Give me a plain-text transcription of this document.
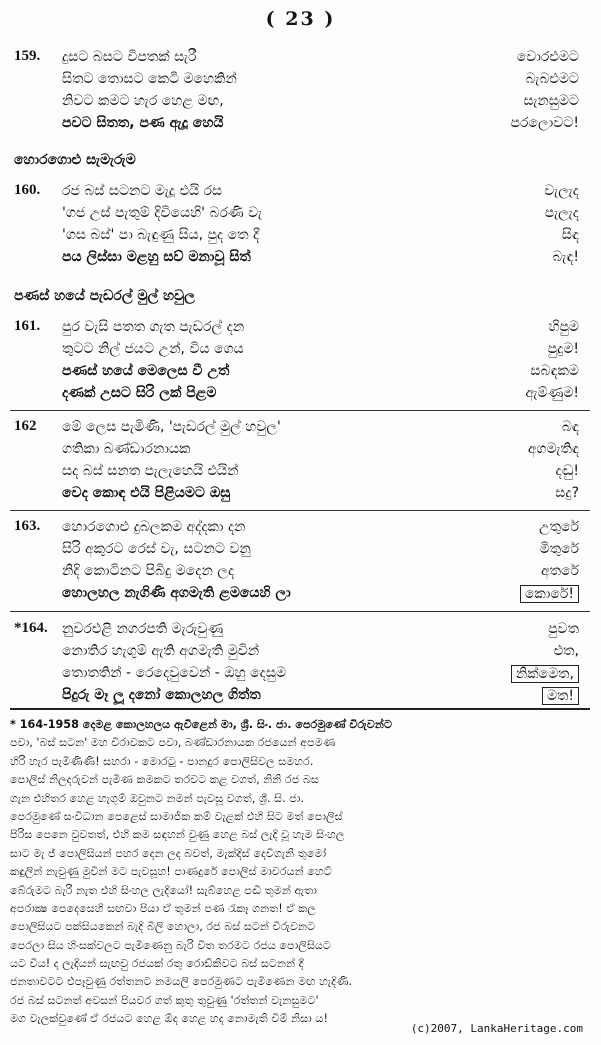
( 23 )
159. දුසට බසට විපතක් සැරී	වොරළුමට
සිතට තොසට කෙටී මහෙකින්	බැබළුමට
නිවට කමට හැර හෙළ මඟ,	සැනසුමට
පවට සිතත, පණ ඇදූ හෙයි	පරලොවට!
හොරගොළු සැමැරුම
160. රජ බස් සටනට මැදූ එයි රස	වැලැද
'ගජ උස් පැතුම් දිවියෙහි' බරණි වැ	පැලැද
'ගස බස්' පා බැඳුණු සිය, පුද තෙ දී	සිඳ
පය ලිස්සා මළහු සව් මනාවූ සිත්	බැඳ!
පණස් හයේ පැඩරල් මුල් හවුල
161. පුර වැසි පතත ගැත පැඩරල් දන	හිපුම
තුටට නිල් ජයට උන්, විය ගෙය	පුදුම!
පණස් හයේ මෙලෙස වී උත්	සබඳකම
දණක් උසට සිරි ලක් පිළම	ඇම්ණුම!
162 මේ ලෙස පැමිණි, 'පැඩරල් මුල් හවුල'	බඳ
ගතිකා බණ්ඩාරනායක	අගමැතිඳ
සද බස් සනත පැලැහෙයි එයින්	දඬු!
වෙද කොඳ එයි පිළියමට ඔසු	සදු?
163. හොරගොළු දුබලකම අද්දකා දන	උතුරේ
සිරි අකුරට රෙස් වැ, සටනට වනු	මිතුරේ
නිදි කොටිනට පිබිදු මදෙන ලද	අතරේ
හොලහල නැගිණි අගමැති ළමයෙහි ලා	කොරේ!
*164. නුවරඑළි නගරපති මැරුවුණු	පුවත
නොතිර හැගුම් ඇති අගමැති මුවින්	එත,
තොතතින් - රෙදෙවුවෙන් - ඔහු දෙසුම	නික්මෙත,
පිදුරු මෑ ලූ දනෝ කොලහල ගිත්ත	මත!
* 164-1958 දෙමළ කොලහලය ඇවිළෙන් මා, ශ්‍රී. සිං. ජා. පෙරමුණේ විරුවන්ට
පවා, 'බස් සටන' මහ විරාවකට පවා, බණ්ඩාරනායක රජයෙන් අපමණ
හිරි හැර පැමිණිණි! සහරා - මොරටු - පානදුර පොලිසිවල සමහර.
පොලිස් නිලදරුවන් පැමිණ කමකට තරවට කළ වගත්, නිනි රජ බස
ගැන එහිතර හෙළ හැගුම් ඔවුනට නමන් පැවසූ වගත්, ශ්‍රී. සි. ජා.
පෙරමුණේ සංවිධාන පෙළෙස් සාමාජික කම් වැළක් එහි සිට මත් පොලිස්
පිරිස පෙනෙ වුවතත්, එහි කම සඳහන් වුණු හෙළ බස් ලැදි වූ හැම සිංහල
සාට මැ ජ් පොලිසියන් පහර දෙන ලද බවත්, මැක්දිස් දෙවිගැනි තුමෝ
කඳුලින් නැවුණු මුවින් මට පැවසූහ! පාණදුරේ පොලිස් මාවරයන් හෙට්
බේරුමට බැරි නැත එහි සිංහල ලැදියෝ! සැබ්හෙළ පඬි තුමන් ඇතා
අපරාක්‍ෂ පෙදෙසෙහි සඟවා පියා ඒ තුමන් පණ රැකෑ ගනත! ඒ කල
පොලිසියට පක්සියකෙන් බැදි බිලි හොලා, රජ බස් සටන් විරුවනට
පෙරලා සිය හිංසක්වලට පැමිණෙනු බැරි විත තරමට රජය පොලිසියට
යට විය! ද ලැදියන් සැඟවු රජයක් රතු රොඩ්කිවට බස් සටනන් දී
ජනතාවටට එපෑවුණු රත්තනට නමයලි පෙරමුණට පැමිණෙන මඟ හැදිණි.
රජ බස් සටනත් අවසන් පියවර ගත් කුතු තුවුණු 'රත්තන් වැනසුමට'
මග වැලක්වුණේ ඒ රජයට හෙළ ඕද හෙළ හද නොමැති වීම් නිසා ය!
(c)2007, LankaHeritage.com
